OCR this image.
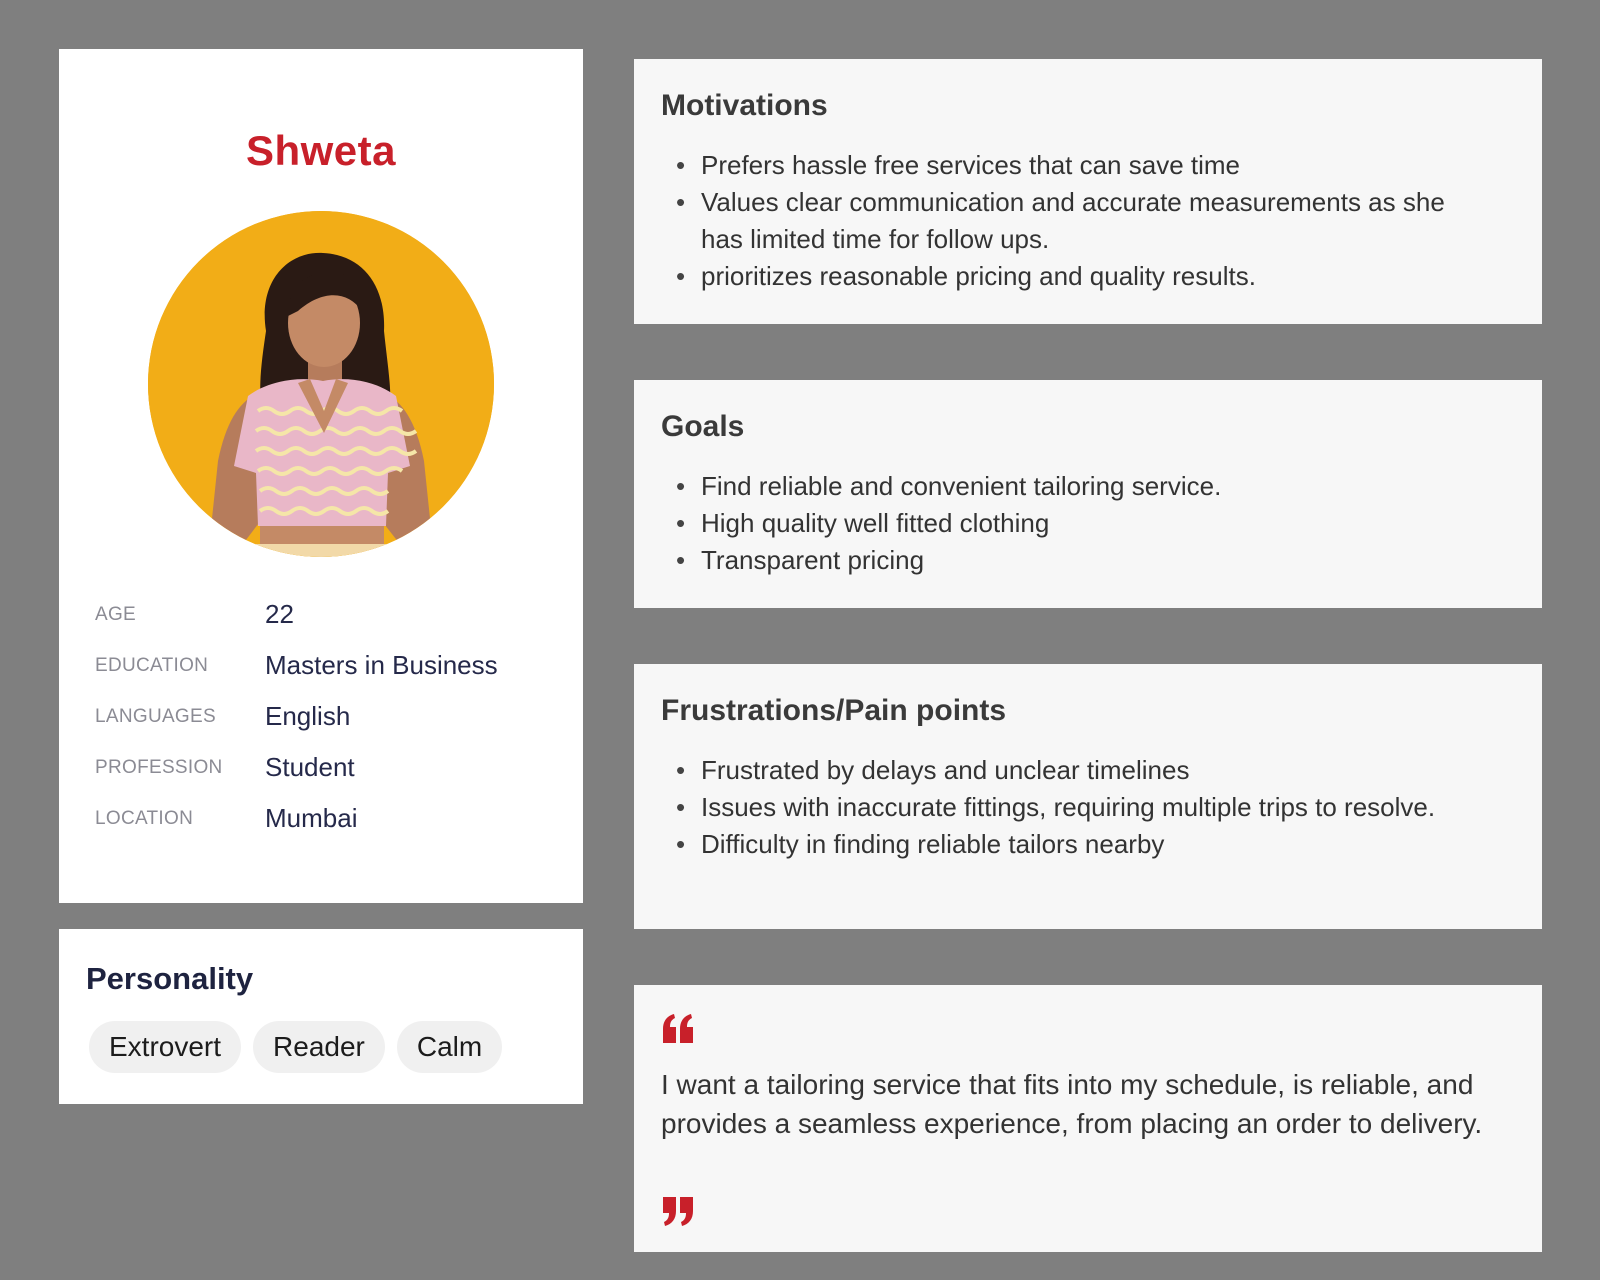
Shweta
AGE	22
EDUCATION	Masters in Business
LANGUAGES	English
PROFESSION	Student
LOCATION	Mumbai
Personality
Extrovert	Reader	Calm
Motivations
• Prefers hassle free services that can save time
• Values clear communication and accurate measurements as she has limited time for follow ups.
• prioritizes reasonable pricing and quality results.
Goals
• Find reliable and convenient tailoring service.
• High quality well fitted clothing
• Transparent pricing
Frustrations/Pain points
• Frustrated by delays and unclear timelines
• Issues with inaccurate fittings, requiring multiple trips to resolve.
• Difficulty in finding reliable tailors nearby
I want a tailoring service that fits into my schedule, is reliable, and provides a seamless experience, from placing an order to delivery.
